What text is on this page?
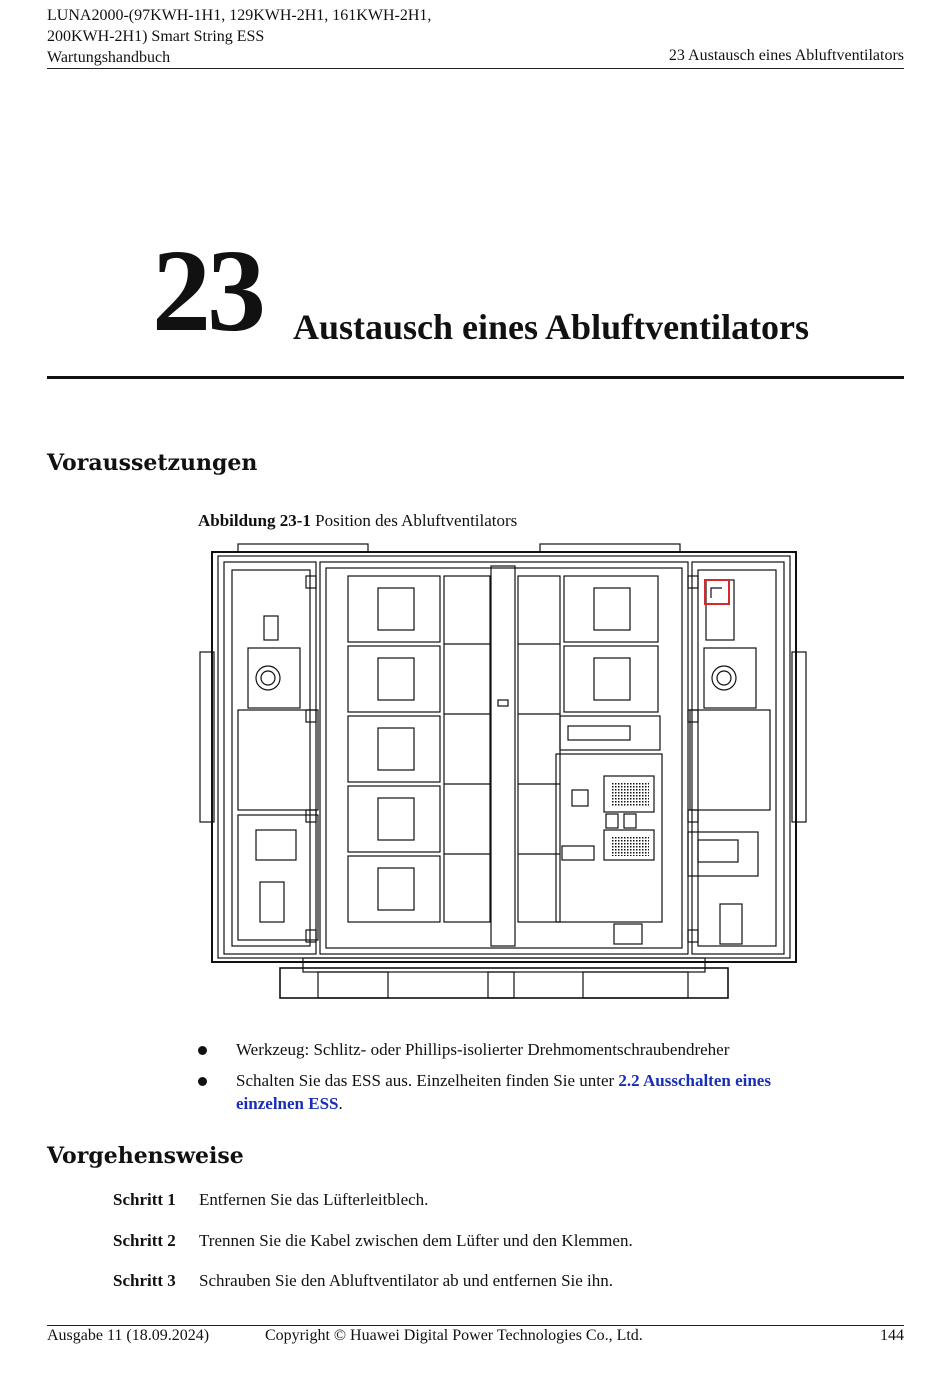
LUNA2000-(97KWH-1H1, 129KWH-2H1, 161KWH-2H1,
200KWH-2H1) Smart String ESS
Wartungshandbuch	23 Austausch eines Abluftventilators
23 Austausch eines Abluftventilators
Voraussetzungen
Abbildung 23-1 Position des Abluftventilators
Werkzeug: Schlitz- oder Phillips-isolierter Drehmomentschraubendreher
Schalten Sie das ESS aus. Einzelheiten finden Sie unter 2.2 Ausschalten eines einzelnen ESS.
Vorgehensweise
Schritt 1 Entfernen Sie das Lüfterleitblech.
Schritt 2 Trennen Sie die Kabel zwischen dem Lüfter und den Klemmen.
Schritt 3 Schrauben Sie den Abluftventilator ab und entfernen Sie ihn.
Ausgabe 11 (18.09.2024)	Copyright © Huawei Digital Power Technologies Co., Ltd.	144
